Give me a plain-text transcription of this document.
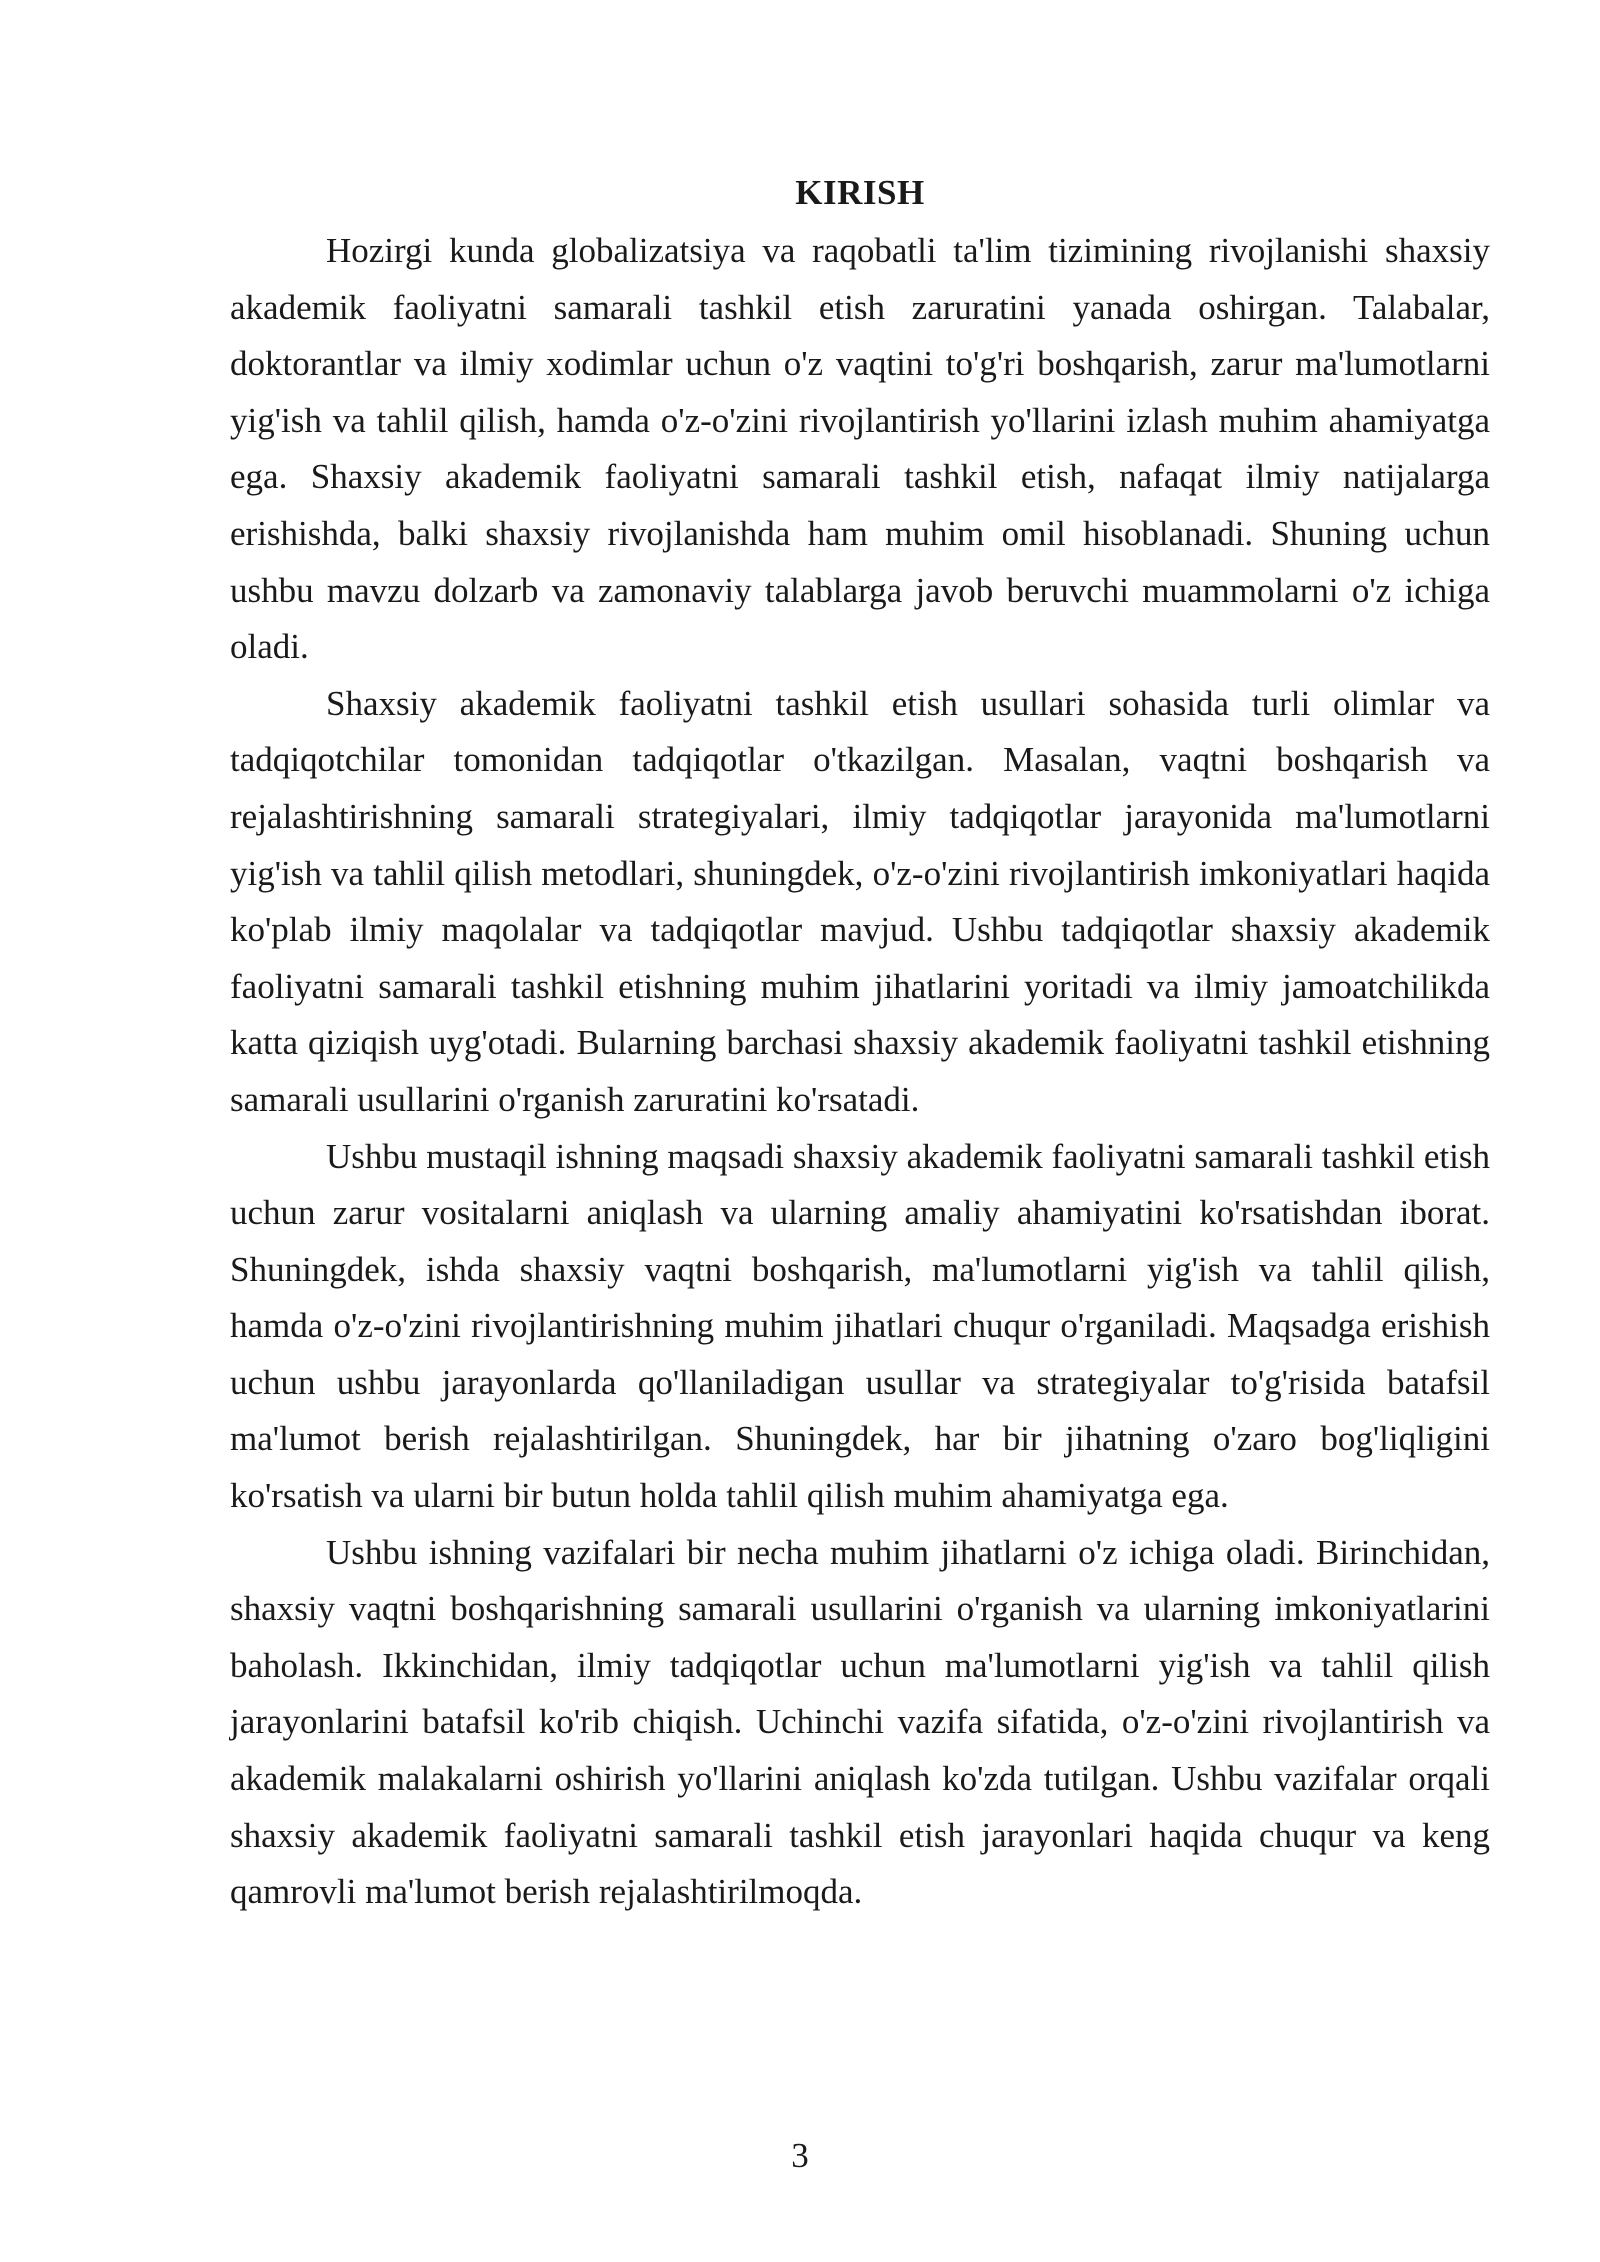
KIRISH

Hozirgi kunda globalizatsiya va raqobatli ta'lim tizimining rivojlanishi shaxsiy akademik faoliyatni samarali tashkil etish zaruratini yanada oshirgan. Talabalar, doktorantlar va ilmiy xodimlar uchun o'z vaqtini to'g'ri boshqarish, zarur ma'lumotlarni yig'ish va tahlil qilish, hamda o'z-o'zini rivojlantirish yo'llarini izlash muhim ahamiyatga ega. Shaxsiy akademik faoliyatni samarali tashkil etish, nafaqat ilmiy natijalarga erishishda, balki shaxsiy rivojlanishda ham muhim omil hisoblanadi. Shuning uchun ushbu mavzu dolzarb va zamonaviy talablarga javob beruvchi muammolarni o'z ichiga oladi.

Shaxsiy akademik faoliyatni tashkil etish usullari sohasida turli olimlar va tadqiqotchilar tomonidan tadqiqotlar o'tkazilgan. Masalan, vaqtni boshqarish va rejalashtirishning samarali strategiyalari, ilmiy tadqiqotlar jarayonida ma'lumotlarni yig'ish va tahlil qilish metodlari, shuningdek, o'z-o'zini rivojlantirish imkoniyatlari haqida ko'plab ilmiy maqolalar va tadqiqotlar mavjud. Ushbu tadqiqotlar shaxsiy akademik faoliyatni samarali tashkil etishning muhim jihatlarini yoritadi va ilmiy jamoatchilikda katta qiziqish uyg'otadi. Bularning barchasi shaxsiy akademik faoliyatni tashkil etishning samarali usullarini o'rganish zaruratini ko'rsatadi.

Ushbu mustaqil ishning maqsadi shaxsiy akademik faoliyatni samarali tashkil etish uchun zarur vositalarni aniqlash va ularning amaliy ahamiyatini ko'rsatishdan iborat. Shuningdek, ishda shaxsiy vaqtni boshqarish, ma'lumotlarni yig'ish va tahlil qilish, hamda o'z-o'zini rivojlantirishning muhim jihatlari chuqur o'rganiladi. Maqsadga erishish uchun ushbu jarayonlarda qo'llaniladigan usullar va strategiyalar to'g'risida batafsil ma'lumot berish rejalashtirilgan. Shuningdek, har bir jihatning o'zaro bog'liqligini ko'rsatish va ularni bir butun holda tahlil qilish muhim ahamiyatga ega.

Ushbu ishning vazifalari bir necha muhim jihatlarni o'z ichiga oladi. Birinchidan, shaxsiy vaqtni boshqarishning samarali usullarini o'rganish va ularning imkoniyatlarini baholash. Ikkinchidan, ilmiy tadqiqotlar uchun ma'lumotlarni yig'ish va tahlil qilish jarayonlarini batafsil ko'rib chiqish. Uchinchi vazifa sifatida, o'z-o'zini rivojlantirish va akademik malakalarni oshirish yo'llarini aniqlash ko'zda tutilgan. Ushbu vazifalar orqali shaxsiy akademik faoliyatni samarali tashkil etish jarayonlari haqida chuqur va keng qamrovli ma'lumot berish rejalashtirilmoqda.

3
